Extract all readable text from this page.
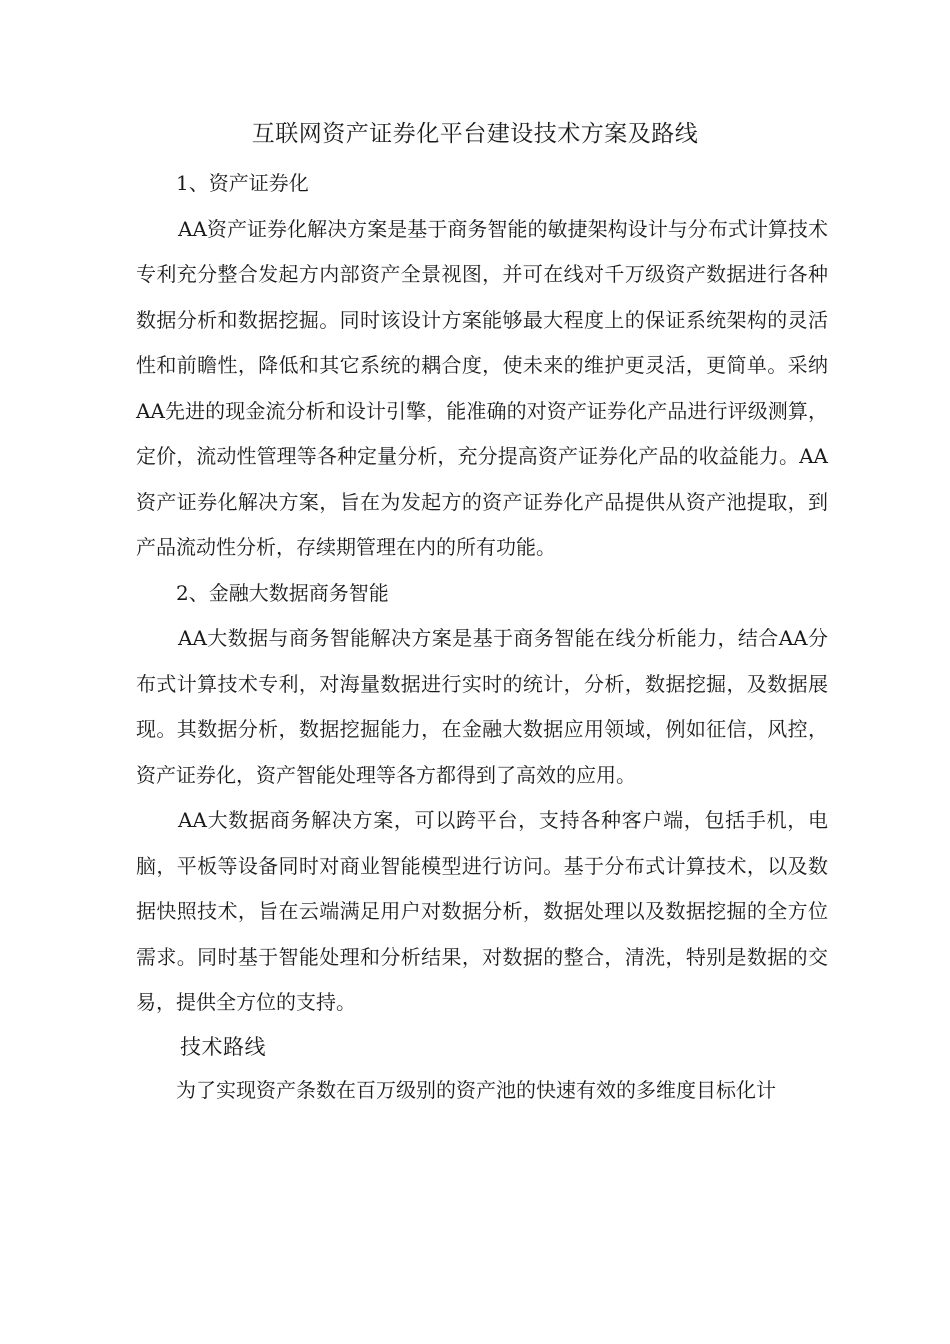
互联网资产证券化平台建设技术方案及路线

1、资产证券化

AA资产证券化解决方案是基于商务智能的敏捷架构设计与分布式计算技术专利充分整合发起方内部资产全景视图，并可在线对千万级资产数据进行各种数据分析和数据挖掘。同时该设计方案能够最大程度上的保证系统架构的灵活性和前瞻性，降低和其它系统的耦合度，使未来的维护更灵活，更简单。采纳AA先进的现金流分析和设计引擎，能准确的对资产证券化产品进行评级测算，定价，流动性管理等各种定量分析，充分提高资产证券化产品的收益能力。AA资产证券化解决方案，旨在为发起方的资产证券化产品提供从资产池提取，到产品流动性分析，存续期管理在内的所有功能。

2、金融大数据商务智能

AA大数据与商务智能解决方案是基于商务智能在线分析能力，结合AA分布式计算技术专利，对海量数据进行实时的统计，分析，数据挖掘，及数据展现。其数据分析，数据挖掘能力，在金融大数据应用领域，例如征信，风控，资产证券化，资产智能处理等各方都得到了高效的应用。

AA大数据商务解决方案，可以跨平台，支持各种客户端，包括手机，电脑，平板等设备同时对商业智能模型进行访问。基于分布式计算技术，以及数据快照技术，旨在云端满足用户对数据分析，数据处理以及数据挖掘的全方位需求。同时基于智能处理和分析结果，对数据的整合，清洗，特别是数据的交易，提供全方位的支持。

技术路线

为了实现资产条数在百万级别的资产池的快速有效的多维度目标化计
